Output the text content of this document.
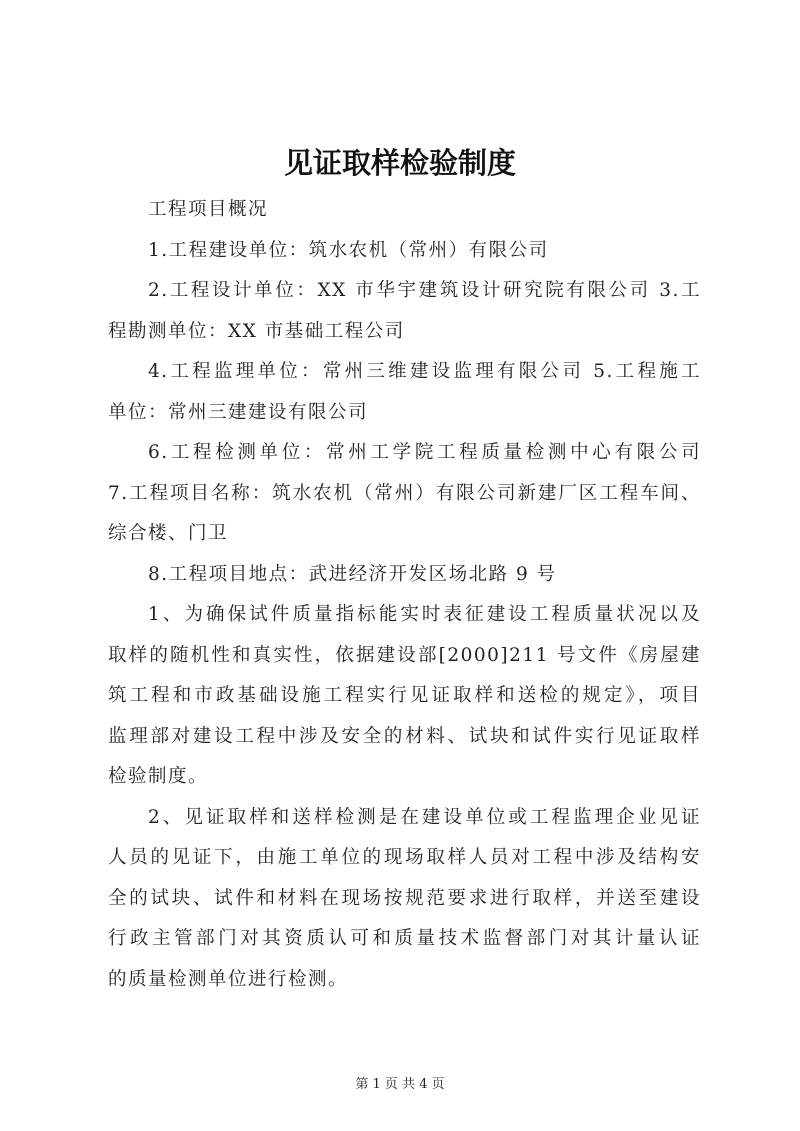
见证取样检验制度
工程项目概况
1.工程建设单位：筑水农机（常州）有限公司
2.工程设计单位：XX 市华宇建筑设计研究院有限公司 3.工
程勘测单位：XX 市基础工程公司
4.工程监理单位：常州三维建设监理有限公司 5.工程施工
单位：常州三建建设有限公司
6.工程检测单位：常州工学院工程质量检测中心有限公司
7.工程项目名称：筑水农机（常州）有限公司新建厂区工程车间、
综合楼、门卫
8.工程项目地点：武进经济开发区场北路 9 号
1、为确保试件质量指标能实时表征建设工程质量状况以及
取样的随机性和真实性，依据建设部[2000]211 号文件《房屋建
筑工程和市政基础设施工程实行见证取样和送检的规定》，项目
监理部对建设工程中涉及安全的材料、试块和试件实行见证取样
检验制度。
2、见证取样和送样检测是在建设单位或工程监理企业见证
人员的见证下，由施工单位的现场取样人员对工程中涉及结构安
全的试块、试件和材料在现场按规范要求进行取样，并送至建设
行政主管部门对其资质认可和质量技术监督部门对其计量认证
的质量检测单位进行检测。
第 1 页 共 4 页
